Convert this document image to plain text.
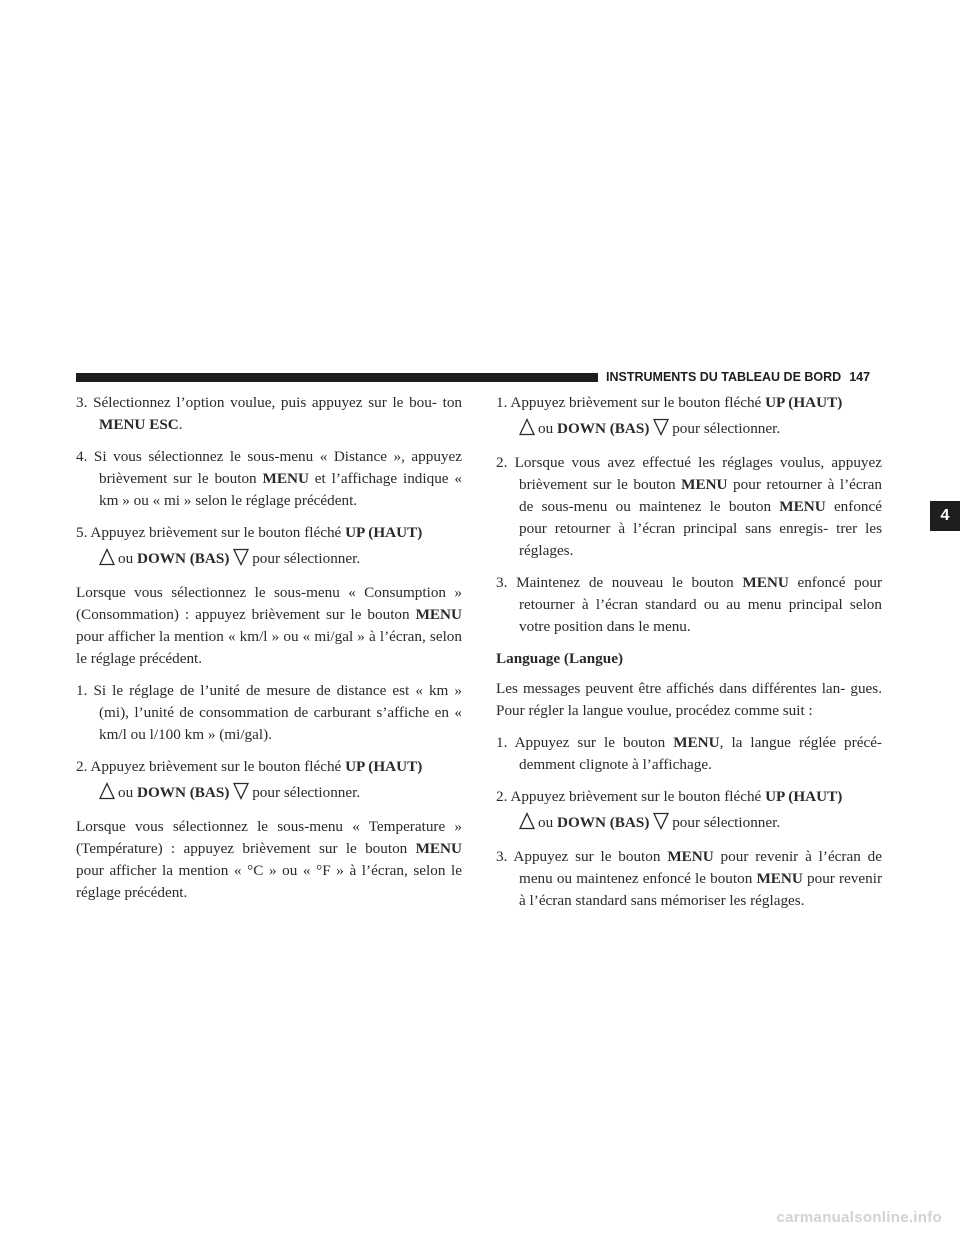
INSTRUMENTS DU TABLEAU DE BORD 147
4
3. Sélectionnez l’option voulue, puis appuyez sur le bou- ton MENU ESC.
4. Si vous sélectionnez le sous-menu « Distance », appuyez brièvement sur le bouton MENU et l’affichage indique « km » ou « mi » selon le réglage précédent.
5. Appuyez brièvement sur le bouton fléché UP (HAUT)
ou DOWN (BAS) pour sélectionner.
Lorsque vous sélectionnez le sous-menu « Consumption » (Consommation) : appuyez brièvement sur le bouton MENU pour afficher la mention « km/l » ou « mi/gal » à l’écran, selon le réglage précédent.
1. Si le réglage de l’unité de mesure de distance est « km » (mi), l’unité de consommation de carburant s’affiche en « km/l ou l/100 km » (mi/gal).
2. Appuyez brièvement sur le bouton fléché UP (HAUT)
ou DOWN (BAS) pour sélectionner.
Lorsque vous sélectionnez le sous-menu « Temperature » (Température) : appuyez brièvement sur le bouton MENU pour afficher la mention « °C » ou « °F » à l’écran, selon le réglage précédent.
1. Appuyez brièvement sur le bouton fléché UP (HAUT)
ou DOWN (BAS) pour sélectionner.
2. Lorsque vous avez effectué les réglages voulus, appuyez brièvement sur le bouton MENU pour retourner à l’écran de sous-menu ou maintenez le bouton MENU enfoncé pour retourner à l’écran principal sans enregis- trer les réglages.
3. Maintenez de nouveau le bouton MENU enfoncé pour retourner à l’écran standard ou au menu principal selon votre position dans le menu.
Language (Langue)
Les messages peuvent être affichés dans différentes lan- gues. Pour régler la langue voulue, procédez comme suit :
1. Appuyez sur le bouton MENU, la langue réglée précé- demment clignote à l’affichage.
2. Appuyez brièvement sur le bouton fléché UP (HAUT)
ou DOWN (BAS) pour sélectionner.
3. Appuyez sur le bouton MENU pour revenir à l’écran de menu ou maintenez enfoncé le bouton MENU pour revenir à l’écran standard sans mémoriser les réglages.
carmanualsonline.info
